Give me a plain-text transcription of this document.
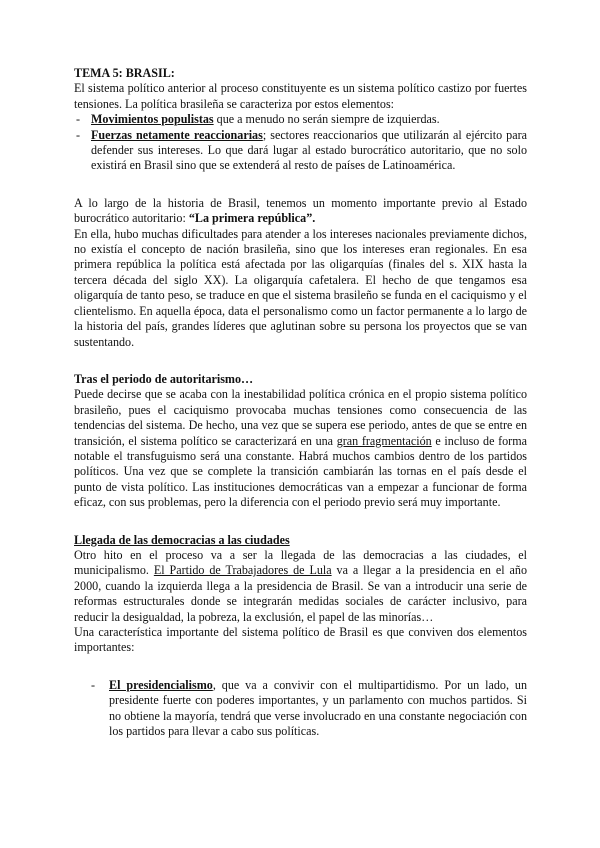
TEMA 5: BRASIL:

El sistema político anterior al proceso constituyente es un sistema político castizo por fuertes tensiones. La política brasileña se caracteriza por estos elementos:

- Movimientos populistas que a menudo no serán siempre de izquierdas.
- Fuerzas netamente reaccionarias; sectores reaccionarios que utilizarán al ejército para defender sus intereses. Lo que dará lugar al estado burocrático autoritario, que no solo existirá en Brasil sino que se extenderá al resto de países de Latinoamérica.

A lo largo de la historia de Brasil, tenemos un momento importante previo al Estado burocrático autoritario: “La primera república”.

En ella, hubo muchas dificultades para atender a los intereses nacionales previamente dichos, no existía el concepto de nación brasileña, sino que los intereses eran regionales. En esa primera república la política está afectada por las oligarquías (finales del s. XIX hasta la tercera década del siglo XX). La oligarquía cafetalera. El hecho de que tengamos esa oligarquía de tanto peso, se traduce en que el sistema brasileño se funda en el caciquismo y el clientelismo. En aquella época, data el personalismo como un factor permanente a lo largo de la historia del país, grandes líderes que aglutinan sobre su persona los proyectos que se van sustentando.

Tras el periodo de autoritarismo…

Puede decirse que se acaba con la inestabilidad política crónica en el propio sistema político brasileño, pues el caciquismo provocaba muchas tensiones como consecuencia de las tendencias del sistema. De hecho, una vez que se supera ese periodo, antes de que se entre en transición, el sistema político se caracterizará en una gran fragmentación e incluso de forma notable el transfuguismo será una constante. Habrá muchos cambios dentro de los partidos políticos. Una vez que se complete la transición cambiarán las tornas en el país desde el punto de vista político. Las instituciones democráticas van a empezar a funcionar de forma eficaz, con sus problemas, pero la diferencia con el periodo previo será muy importante.

Llegada de las democracias a las ciudades

Otro hito en el proceso va a ser la llegada de las democracias a las ciudades, el municipalismo. El Partido de Trabajadores de Lula va a llegar a la presidencia en el año 2000, cuando la izquierda llega a la presidencia de Brasil. Se van a introducir una serie de reformas estructurales donde se integrarán medidas sociales de carácter inclusivo, para reducir la desigualdad, la pobreza, la exclusión, el papel de las minorías…

Una característica importante del sistema político de Brasil es que conviven dos elementos importantes:

- El presidencialismo, que va a convivir con el multipartidismo. Por un lado, un presidente fuerte con poderes importantes, y un parlamento con muchos partidos. Si no obtiene la mayoría, tendrá que verse involucrado en una constante negociación con los partidos para llevar a cabo sus políticas.
